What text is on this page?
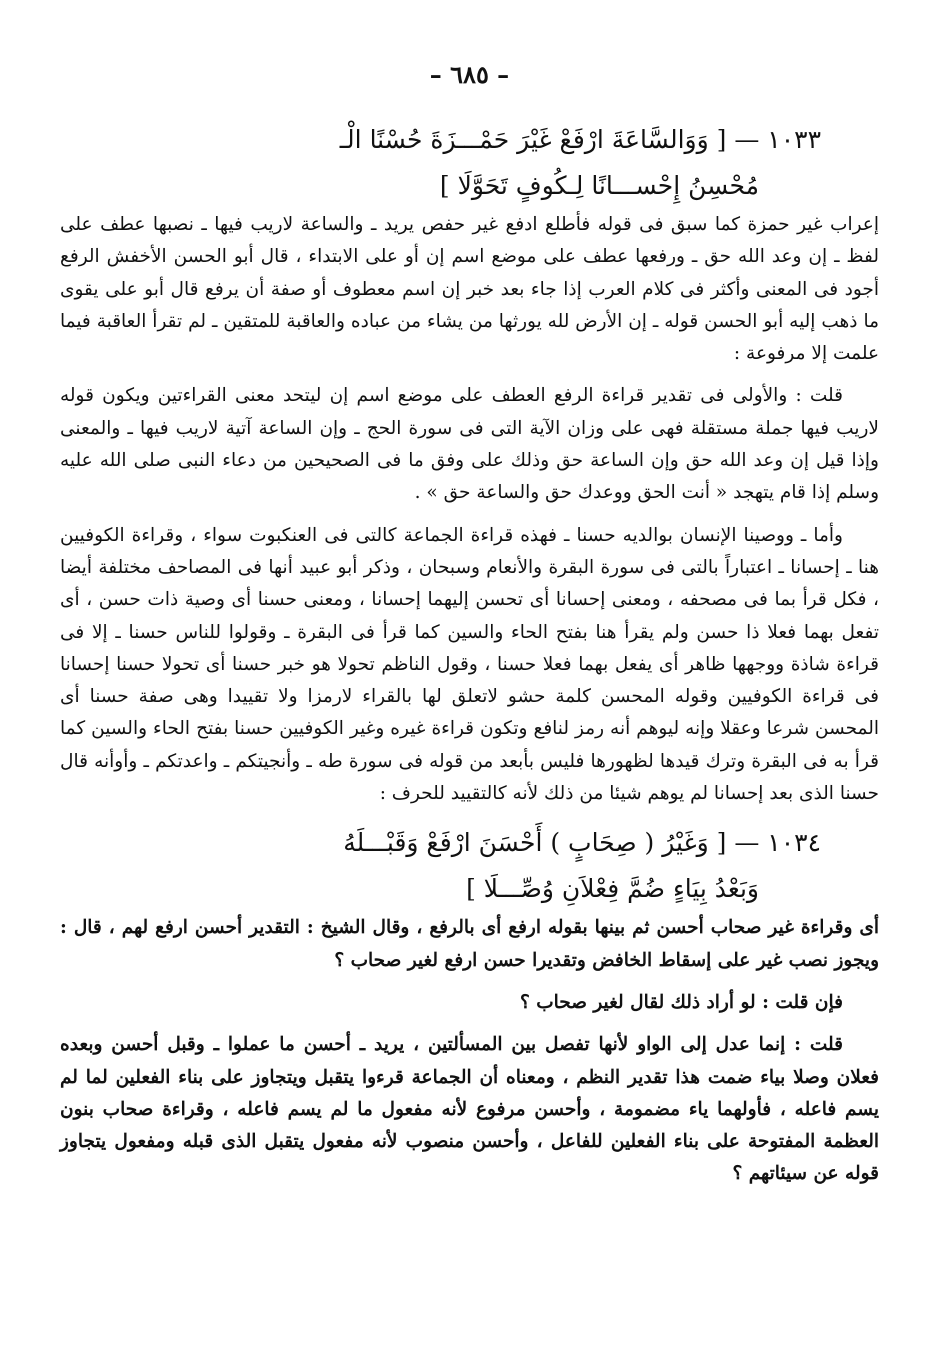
– ٦٨٥ –
١٠٣٣ — [ وَوَالسَّاعَةَ ارْفَعْ غَيْرَ حَمْـــزَةَ حُسْنًا الْـ
مُحْسِنُ إِحْســـانًا لِـكُوفٍ تَحَوَّلَا ]

إعراب غير حمزة كما سبق فى قوله فأطلع ادفع غير حفص يريد ـ والساعة لاريب فيها ـ نصبها عطف على لفظ ـ إن وعد الله حق ـ ورفعها عطف على موضع اسم إن أو على الابتداء ، قال أبو الحسن الأخفش الرفع أجود فى المعنى وأكثر فى كلام العرب إذا جاء بعد خبر إن اسم معطوف أو صفة أن يرفع قال أبو على يقوى ما ذهب إليه أبو الحسن قوله ـ إن الأرض لله يورثها من يشاء من عباده والعاقبة للمتقين ـ لم تقرأ العاقبة فيما علمت إلا مرفوعة :

قلت : والأولى فى تقدير قراءة الرفع العطف على موضع اسم إن ليتحد معنى القراءتين ويكون قوله لاريب فيها جملة مستقلة فهى على وزان الآية التى فى سورة الحج ـ وإن الساعة آتية لاريب فيها ـ والمعنى وإذا قيل إن وعد الله حق وإن الساعة حق وذلك على وفق ما فى الصحيحين من دعاء النبى صلى الله عليه وسلم إذا قام يتهجد « أنت الحق ووعدك حق والساعة حق » .

وأما ـ ووصينا الإنسان بوالديه حسنا ـ فهذه قراءة الجماعة كالتى فى العنكبوت سواء ، وقراءة الكوفيين هنا ـ إحسانا ـ اعتباراً بالتى فى سورة البقرة والأنعام وسبحان ، وذكر أبو عبيد أنها فى المصاحف مختلفة أيضا ، فكل قرأ بما فى مصحفه ، ومعنى إحسانا أى تحسن إليهما إحسانا ، ومعنى حسنا أى وصية ذات حسن ، أى تفعل بهما فعلا ذا حسن ولم يقرأ هنا بفتح الحاء والسين كما قرأ فى البقرة ـ وقولوا للناس حسنا ـ إلا فى قراءة شاذة ووجهها ظاهر أى يفعل بهما فعلا حسنا ، وقول الناظم تحولا هو خبر حسنا أى تحولا حسنا إحسانا فى قراءة الكوفيين وقوله المحسن كلمة حشو لاتعلق لها بالقراء لارمزا ولا تقييدا وهى صفة حسنا أى المحسن شرعا وعقلا وإنه ليوهم أنه رمز لنافع وتكون قراءة غيره وغير الكوفيين حسنا بفتح الحاء والسين كما قرأ به فى البقرة وترك قيدها لظهورها فليس بأبعد من قوله فى سورة طه ـ وأنجيتكم ـ واعدتكم ـ وأوأنه قال حسنا الذى بعد إحسانا لم يوهم شيئا من ذلك لأنه كالتقييد للحرف :

١٠٣٤ — [ وَغَيْرُ ( صِحَابٍ ) أَحْسَنَ ارْفَعْ وَقَبْـــلَهُ
وَبَعْدُ بِيَاءٍ ضُمَّ فِعْلاَنِ وُصِّـــلَا ]

أى وقراءة غير صحاب أحسن ثم بينها بقوله ارفع أى بالرفع ، وقال الشيخ : التقدير أحسن ارفع لهم ، قال : ويجوز نصب غير على إسقاط الخافض وتقديرا حسن ارفع لغير صحاب ؟

فإن قلت : لو أراد ذلك لقال لغير صحاب ؟

قلت : إنما عدل إلى الواو لأنها تفصل بين المسألتين ، يريد ـ أحسن ما عملوا ـ وقبل أحسن وبعده فعلان وصلا بياء ضمت هذا تقدير النظم ، ومعناه أن الجماعة قرءوا يتقبل ويتجاوز على بناء الفعلين لما لم يسم فاعله ، فأولهما ياء مضمومة ، وأحسن مرفوع لأنه مفعول ما لم يسم فاعله ، وقراءة صحاب بنون العظمة المفتوحة على بناء الفعلين للفاعل ، وأحسن منصوب لأنه مفعول يتقبل الذى قبله ومفعول يتجاوز قوله عن سيئاتهم ؟
